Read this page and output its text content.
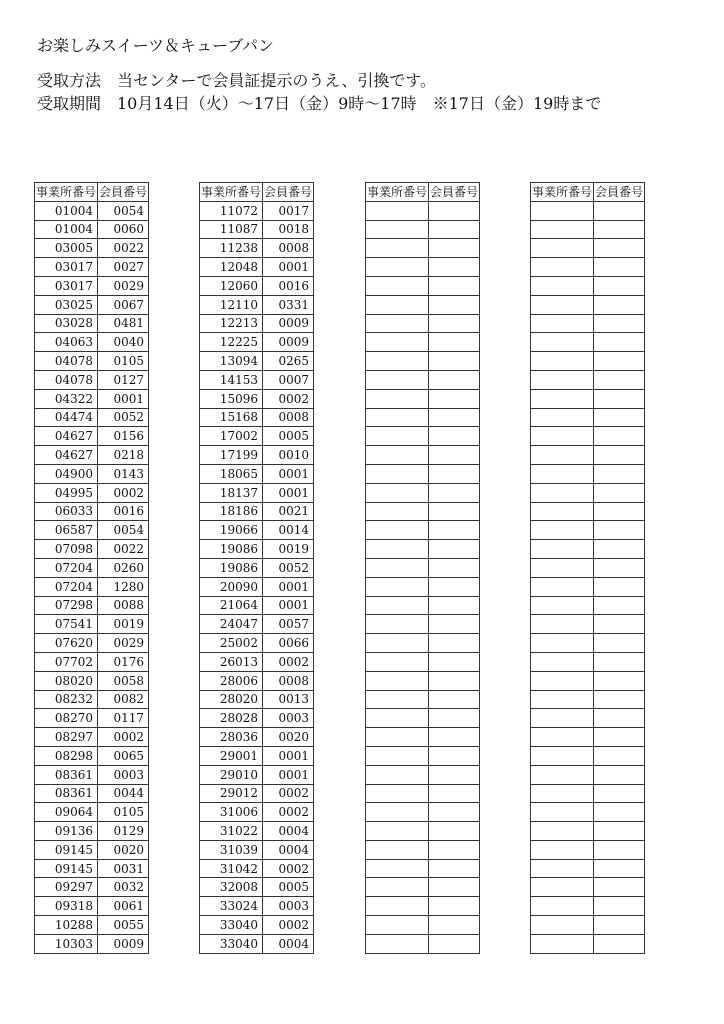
お楽しみスイーツ＆キューブパン
受取方法　当センターで会員証提示のうえ、引換です。
受取期間　10月14日（火）～17日（金）9時～17時　※17日（金）19時まで
事業所番号	会員番号
01004	0054
01004	0060
03005	0022
03017	0027
03017	0029
03025	0067
03028	0481
04063	0040
04078	0105
04078	0127
04322	0001
04474	0052
04627	0156
04627	0218
04900	0143
04995	0002
06033	0016
06587	0054
07098	0022
07204	0260
07204	1280
07298	0088
07541	0019
07620	0029
07702	0176
08020	0058
08232	0082
08270	0117
08297	0002
08298	0065
08361	0003
08361	0044
09064	0105
09136	0129
09145	0020
09145	0031
09297	0032
09318	0061
10288	0055
10303	0009
事業所番号	会員番号
11072	0017
11087	0018
11238	0008
12048	0001
12060	0016
12110	0331
12213	0009
12225	0009
13094	0265
14153	0007
15096	0002
15168	0008
17002	0005
17199	0010
18065	0001
18137	0001
18186	0021
19066	0014
19086	0019
19086	0052
20090	0001
21064	0001
24047	0057
25002	0066
26013	0002
28006	0008
28020	0013
28028	0003
28036	0020
29001	0001
29010	0001
29012	0002
31006	0002
31022	0004
31039	0004
31042	0002
32008	0005
33024	0003
33040	0002
33040	0004
事業所番号	会員番号

		事業所番号	会員番号
